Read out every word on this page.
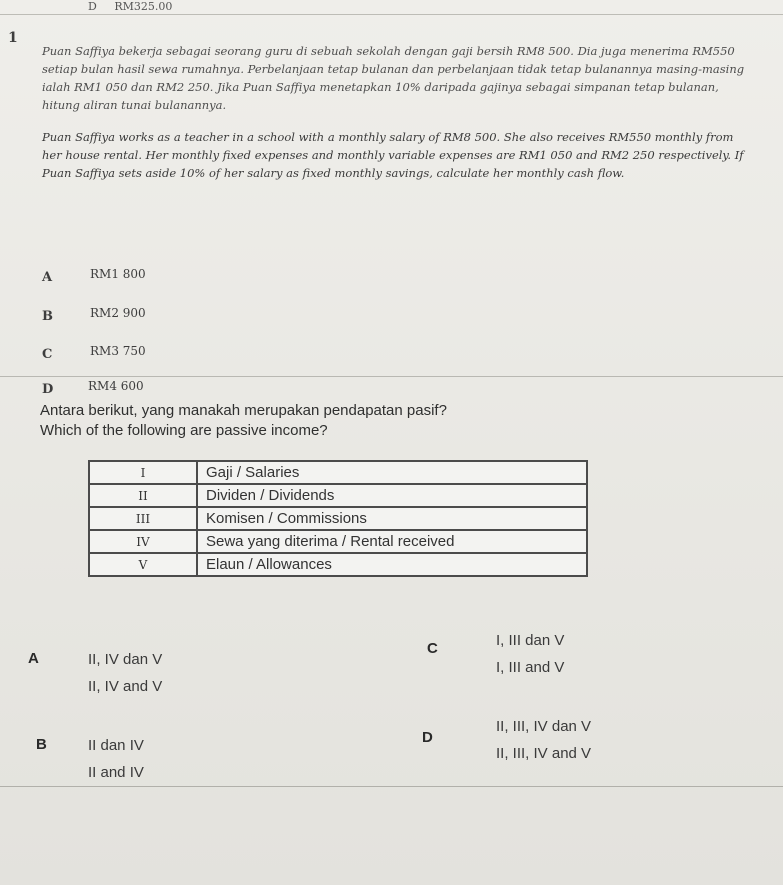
D RM325.00
1
Puan Saffiya bekerja sebagai seorang guru di sebuah sekolah dengan gaji bersih RM8 500. Dia juga menerima RM550 setiap bulan hasil sewa rumahnya. Perbelanjaan tetap bulanan dan perbelanjaan tidak tetap bulanannya masing-masing ialah RM1 050 dan RM2 250. Jika Puan Saffiya menetapkan 10% daripada gajinya sebagai simpanan tetap bulanan, hitung aliran tunai bulanannya.
Puan Saffiya works as a teacher in a school with a monthly salary of RM8 500. She also receives RM550 monthly from her house rental. Her monthly fixed expenses and monthly variable expenses are RM1 050 and RM2 250 respectively. If Puan Saffiya sets aside 10% of her salary as fixed monthly savings, calculate her monthly cash flow.
A	RM1 800
B	RM2 900
C	RM3 750
D	RM4 600
Antara berikut, yang manakah merupakan pendapatan pasif?
Which of the following are passive income?
I	Gaji / Salaries
II	Dividen / Dividends
III	Komisen / Commissions
IV	Sewa yang diterima / Rental received
V	Elaun / Allowances
A	II, IV dan V
II, IV and V
C	I, III dan V
I, III and V
B	II dan IV
II and IV
D
II, III, IV dan V
II, III, IV and V
